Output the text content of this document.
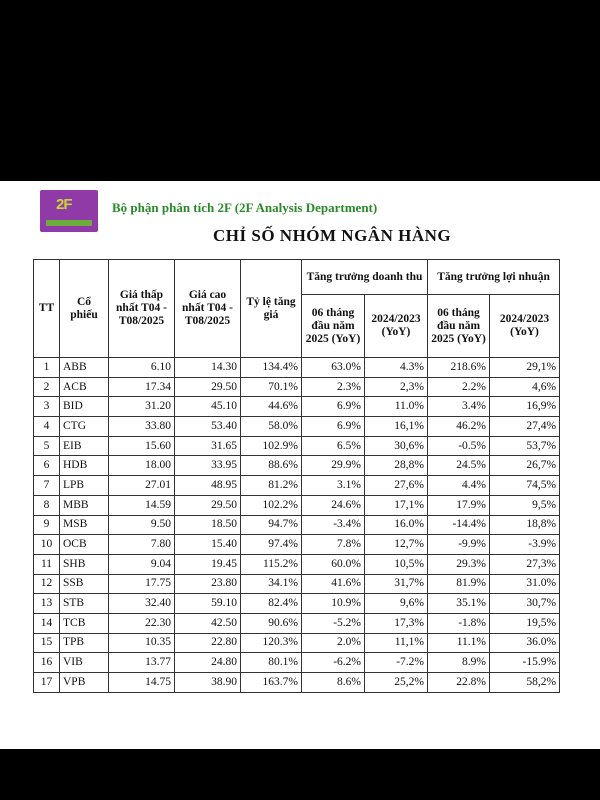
2F	Bộ phận phân tích 2F (2F Analysis Department)
CHỈ SỐ NHÓM NGÂN HÀNG
TT	Cổ phiếu	Giá thấp nhất T04 - T08/2025	Giá cao nhất T04 - T08/2025	Tỷ lệ tăng giá	Tăng trưởng doanh thu		Tăng trưởng lợi nhuận	
					06 tháng đầu năm 2025 (YoY)	2024/2023 (YoY)	06 tháng đầu năm 2025 (YoY)	2024/2023 (YoY)
1	ABB	6.10	14.30	134.4%	63.0%	4.3%	218.6%	29,1%
2	ACB	17.34	29.50	70.1%	2.3%	2,3%	2.2%	4,6%
3	BID	31.20	45.10	44.6%	6.9%	11.0%	3.4%	16,9%
4	CTG	33.80	53.40	58.0%	6.9%	16,1%	46.2%	27,4%
5	EIB	15.60	31.65	102.9%	6.5%	30,6%	-0.5%	53,7%
6	HDB	18.00	33.95	88.6%	29.9%	28,8%	24.5%	26,7%
7	LPB	27.01	48.95	81.2%	3.1%	27,6%	4.4%	74,5%
8	MBB	14.59	29.50	102.2%	24.6%	17,1%	17.9%	9,5%
9	MSB	9.50	18.50	94.7%	-3.4%	16.0%	-14.4%	18,8%
10	OCB	7.80	15.40	97.4%	7.8%	12,7%	-9.9%	-3.9%
11	SHB	9.04	19.45	115.2%	60.0%	10,5%	29.3%	27,3%
12	SSB	17.75	23.80	34.1%	41.6%	31,7%	81.9%	31.0%
13	STB	32.40	59.10	82.4%	10.9%	9,6%	35.1%	30,7%
14	TCB	22.30	42.50	90.6%	-5.2%	17,3%	-1.8%	19,5%
15	TPB	10.35	22.80	120.3%	2.0%	11,1%	11.1%	36.0%
16	VIB	13.77	24.80	80.1%	-6.2%	-7.2%	8.9%	-15.9%
17	VPB	14.75	38.90	163.7%	8.6%	25,2%	22.8%	58,2%
